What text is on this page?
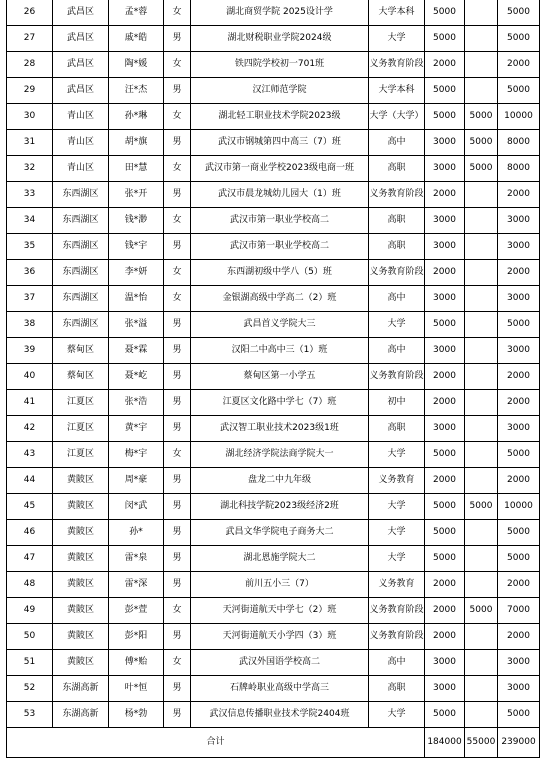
26	武昌区	孟*蓉	女	湖北商贸学院 2025设计学	大学本科	5000		5000
27	武昌区	戚*皓	男	湖北财税职业学院2024级	大学	5000		5000
28	武昌区	陶*媛	女	铁四院学校初一701班	义务教育阶段	2000		2000
29	武昌区	汪*杰	男	汉江师范学院	大学本科	5000		5000
30	青山区	孙*琳	女	湖北轻工职业技术学院2023级	大学（大学）	5000	5000	10000
31	青山区	胡*旗	男	武汉市钢城第四中高三（7）班	高中	3000	5000	8000
32	青山区	田*慧	女	武汉市第一商业学校2023级电商一班	高职	3000	5000	8000
33	东西湖区	张*开	男	武汉市晨龙城幼儿园大（1）班	义务教育阶段	2000		2000
34	东西湖区	钱*渺	女	武汉市第一职业学校高二	高职	3000		3000
35	东西湖区	钱*宇	男	武汉市第一职业学校高二	高职	3000		3000
36	东西湖区	李*妍	女	东西湖初级中学八（5）班	义务教育阶段	2000		2000
37	东西湖区	温*怡	女	金银湖高级中学高二（2）班	高中	3000		3000
38	东西湖区	张*溢	男	武昌首义学院大三	大学	5000		5000
39	蔡甸区	聂*霖	男	汉阳二中高中三（1）班	高中	3000		3000
40	蔡甸区	聂*屹	男	蔡甸区第一小学五	义务教育阶段	2000		2000
41	江夏区	张*浩	男	江夏区文化路中学七（7）班	初中	2000		2000
42	江夏区	黄*宇	男	武汉智工职业技术2023级1班	高职	3000		3000
43	江夏区	梅*宇	女	湖北经济学院法商学院大一	大学	5000		5000
44	黄陂区	周*豪	男	盘龙二中九年级	义务教育	2000		2000
45	黄陂区	闵*武	男	湖北科技学院2023级经济2班	大学	5000	5000	10000
46	黄陂区	孙*	男	武昌文华学院电子商务大二	大学	5000		5000
47	黄陂区	雷*泉	男	湖北恩施学院大二	大学	5000		5000
48	黄陂区	雷*深	男	前川五小三（7）	义务教育	2000		2000
49	黄陂区	彭*萱	女	天河街道航天中学七（2）班	义务教育阶段	2000	5000	7000
50	黄陂区	彭*阳	男	天河街道航天小学四（3）班	义务教育阶段	2000		2000
51	黄陂区	傅*贻	女	武汉外国语学校高二	高中	3000		3000
52	东湖高新	叶*恒	男	石牌岭职业高级中学高三	高职	3000		3000
53	东湖高新	杨*勃	男	武汉信息传播职业技术学院2404班	大学	5000		5000
合计						184000	55000	239000
